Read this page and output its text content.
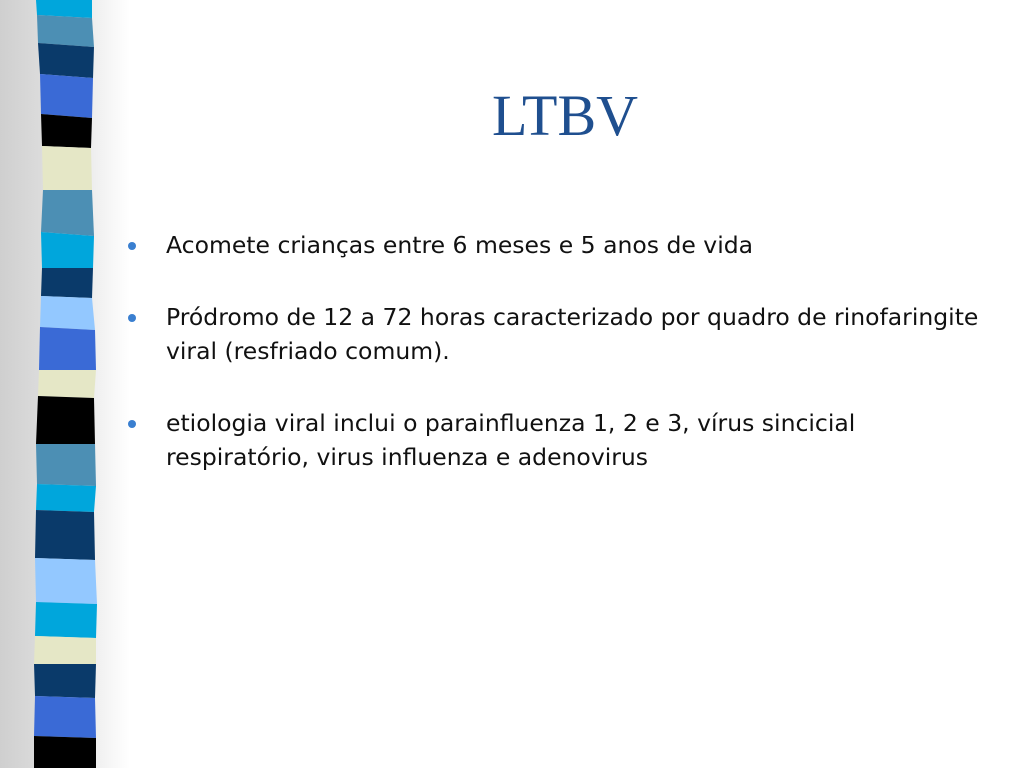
LTBV
Acomete crianças entre 6 meses e 5 anos de vida
Pródromo de 12 a 72 horas caracterizado por quadro de rinofaringite viral (resfriado comum).
etiologia viral inclui o parainfluenza 1, 2 e 3, vírus sincicial respiratório, virus influenza e adenovirus
